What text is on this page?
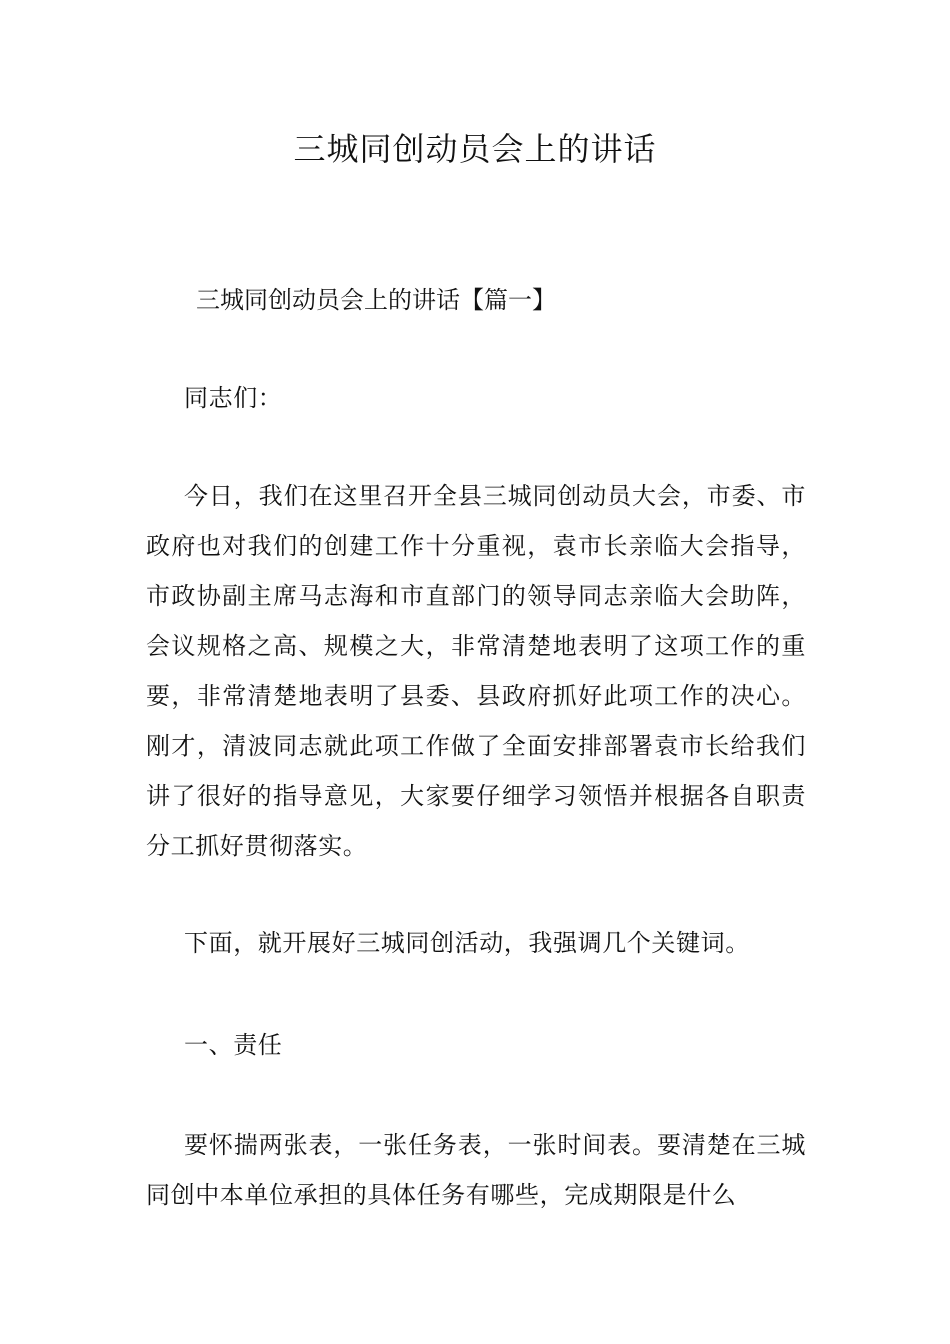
三城同创动员会上的讲话

三城同创动员会上的讲话【篇一】

同志们：

今日，我们在这里召开全县三城同创动员大会，市委、市政府也对我们的创建工作十分重视，袁市长亲临大会指导，市政协副主席马志海和市直部门的领导同志亲临大会助阵，会议规格之高、规模之大，非常清楚地表明了这项工作的重要，非常清楚地表明了县委、县政府抓好此项工作的决心。刚才，清波同志就此项工作做了全面安排部署袁市长给我们讲了很好的指导意见，大家要仔细学习领悟并根据各自职责分工抓好贯彻落实。

下面，就开展好三城同创活动，我强调几个关键词。

一、责任

要怀揣两张表，一张任务表，一张时间表。要清楚在三城同创中本单位承担的具体任务有哪些，完成期限是什么
